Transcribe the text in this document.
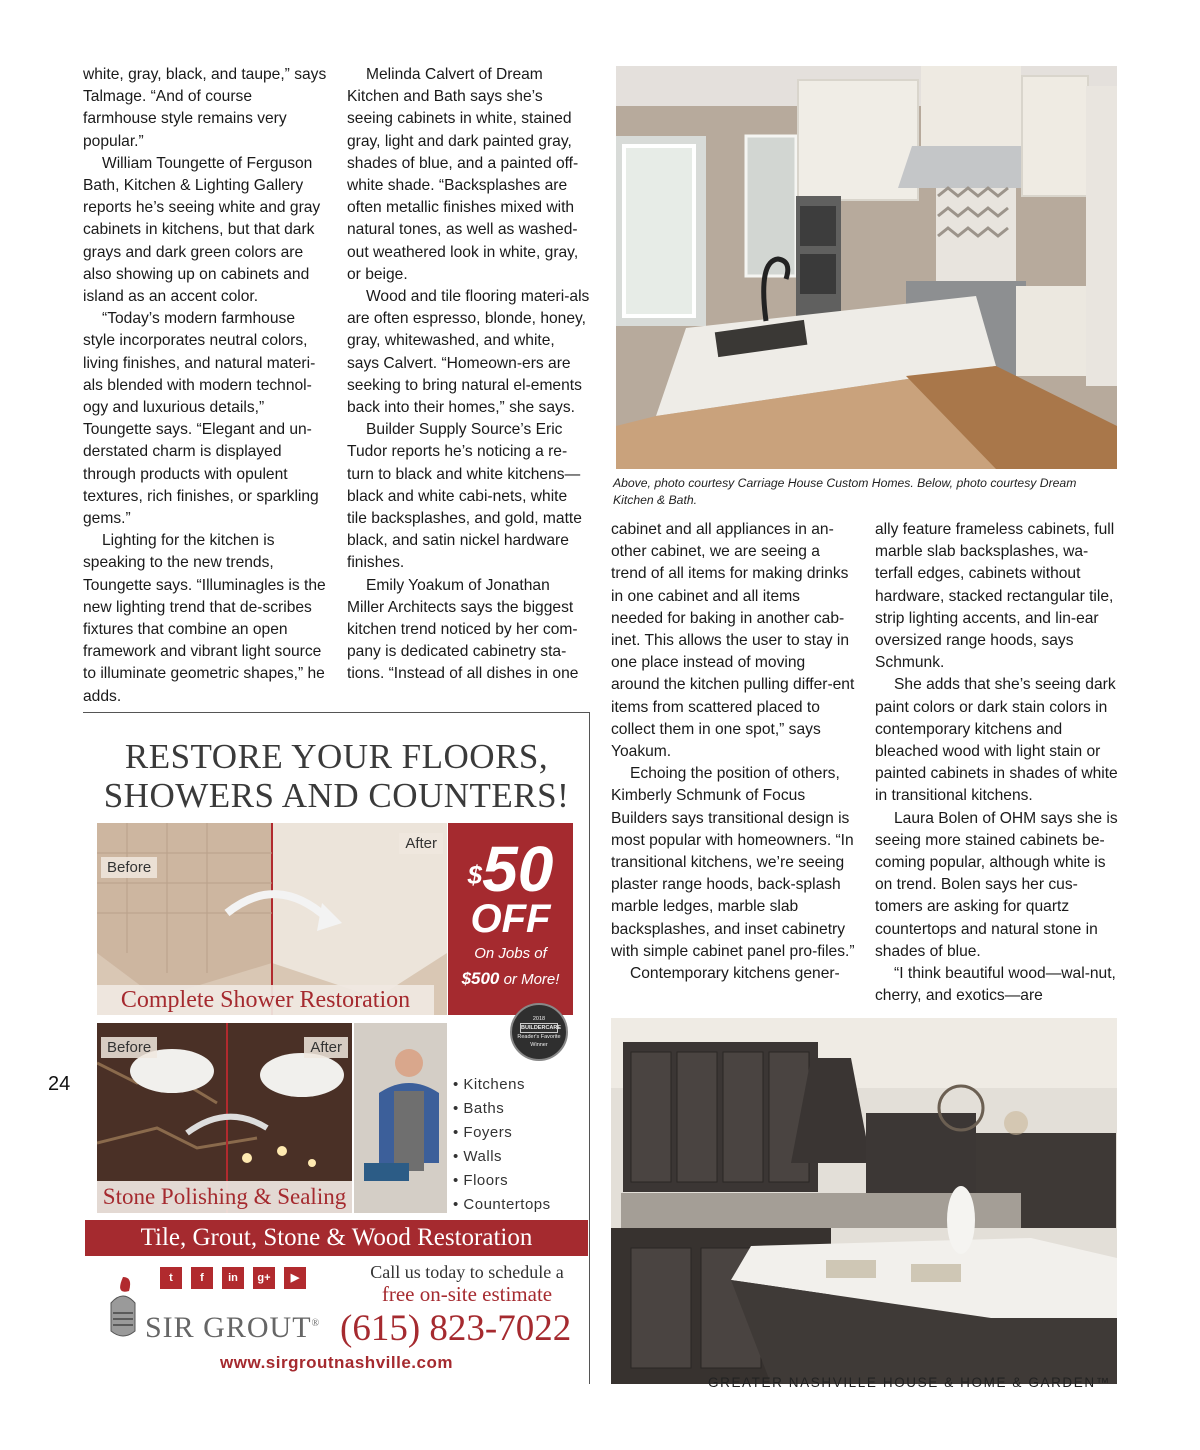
white, gray, black, and taupe,” says Talmage. “And of course farmhouse style remains very popular.”

William Toungette of Ferguson Bath, Kitchen & Lighting Gallery reports he’s seeing white and gray cabinets in kitchens, but that dark grays and dark green colors are also showing up on cabinets and island as an accent color.

“Today’s modern farmhouse style incorporates neutral colors, living finishes, and natural materi-als blended with modern technol-ogy and luxurious details,” Toungette says. “Elegant and un-derstated charm is displayed through products with opulent textures, rich finishes, or sparkling gems.”

Lighting for the kitchen is speaking to the new trends, Toungette says. “Illuminagles is the new lighting trend that de-scribes fixtures that combine an open framework and vibrant light source to illuminate geometric shapes,” he adds.

Melinda Calvert of Dream Kitchen and Bath says she’s seeing cabinets in white, stained gray, light and dark painted gray, shades of blue, and a painted off-white shade. “Backsplashes are often metallic finishes mixed with natural tones, as well as washed-out weathered look in white, gray, or beige.

Wood and tile flooring materi-als are often espresso, blonde, honey, gray, whitewashed, and white, says Calvert. “Homeown-ers are seeking to bring natural el-ements back into their homes,” she says.

Builder Supply Source’s Eric Tudor reports he’s noticing a re-turn to black and white kitchens—black and white cabi-nets, white tile backsplashes, and gold, matte black, and satin nickel hardware finishes.

Emily Yoakum of Jonathan Miller Architects says the biggest kitchen trend noticed by her com-pany is dedicated cabinetry sta-tions. “Instead of all dishes in one

Above, photo courtesy Carriage House Custom Homes. Below, photo courtesy Dream Kitchen & Bath.

cabinet and all appliances in an-other cabinet, we are seeing a trend of all items for making drinks in one cabinet and all items needed for baking in another cab-inet. This allows the user to stay in one place instead of moving around the kitchen pulling differ-ent items from scattered placed to collect them in one spot,” says Yoakum.

Echoing the position of others, Kimberly Schmunk of Focus Builders says transitional design is most popular with homeowners. “In transitional kitchens, we’re seeing plaster range hoods, back-splash marble ledges, marble slab backsplashes, and inset cabinetry with simple cabinet panel pro-files.”

Contemporary kitchens gener-

ally feature frameless cabinets, full marble slab backsplashes, wa-terfall edges, cabinets without hardware, stacked rectangular tile, strip lighting accents, and lin-ear oversized range hoods, says Schmunk.

She adds that she’s seeing dark paint colors or dark stain colors in contemporary kitchens and bleached wood with light stain or painted cabinets in shades of white in transitional kitchens.

Laura Bolen of OHM says she is seeing more stained cabinets be-coming popular, although white is on trend. Bolen says her cus-tomers are asking for quartz countertops and natural stone in shades of blue.

“I think beautiful wood—wal-nut, cherry, and exotics—are

RESTORE YOUR FLOORS,
SHOWERS AND COUNTERS!
Before
After
Complete Shower Restoration
$50
OFF
On Jobs of
$500 or More!
2018
BUILDERCARE
Reader's Favorite Winner
Before	After
Stone Polishing & Sealing
• Kitchens
• Baths
• Foyers
• Walls
• Floors
• Countertops
Tile, Grout, Stone & Wood Restoration
t	f	in	g+	▶	Call us today to schedule a
free on-site estimate
SIR GROUT® (615) 823-7022
www.sirgroutnashville.com
24
GREATER NASHVILLE HOUSE & HOME & GARDEN™
